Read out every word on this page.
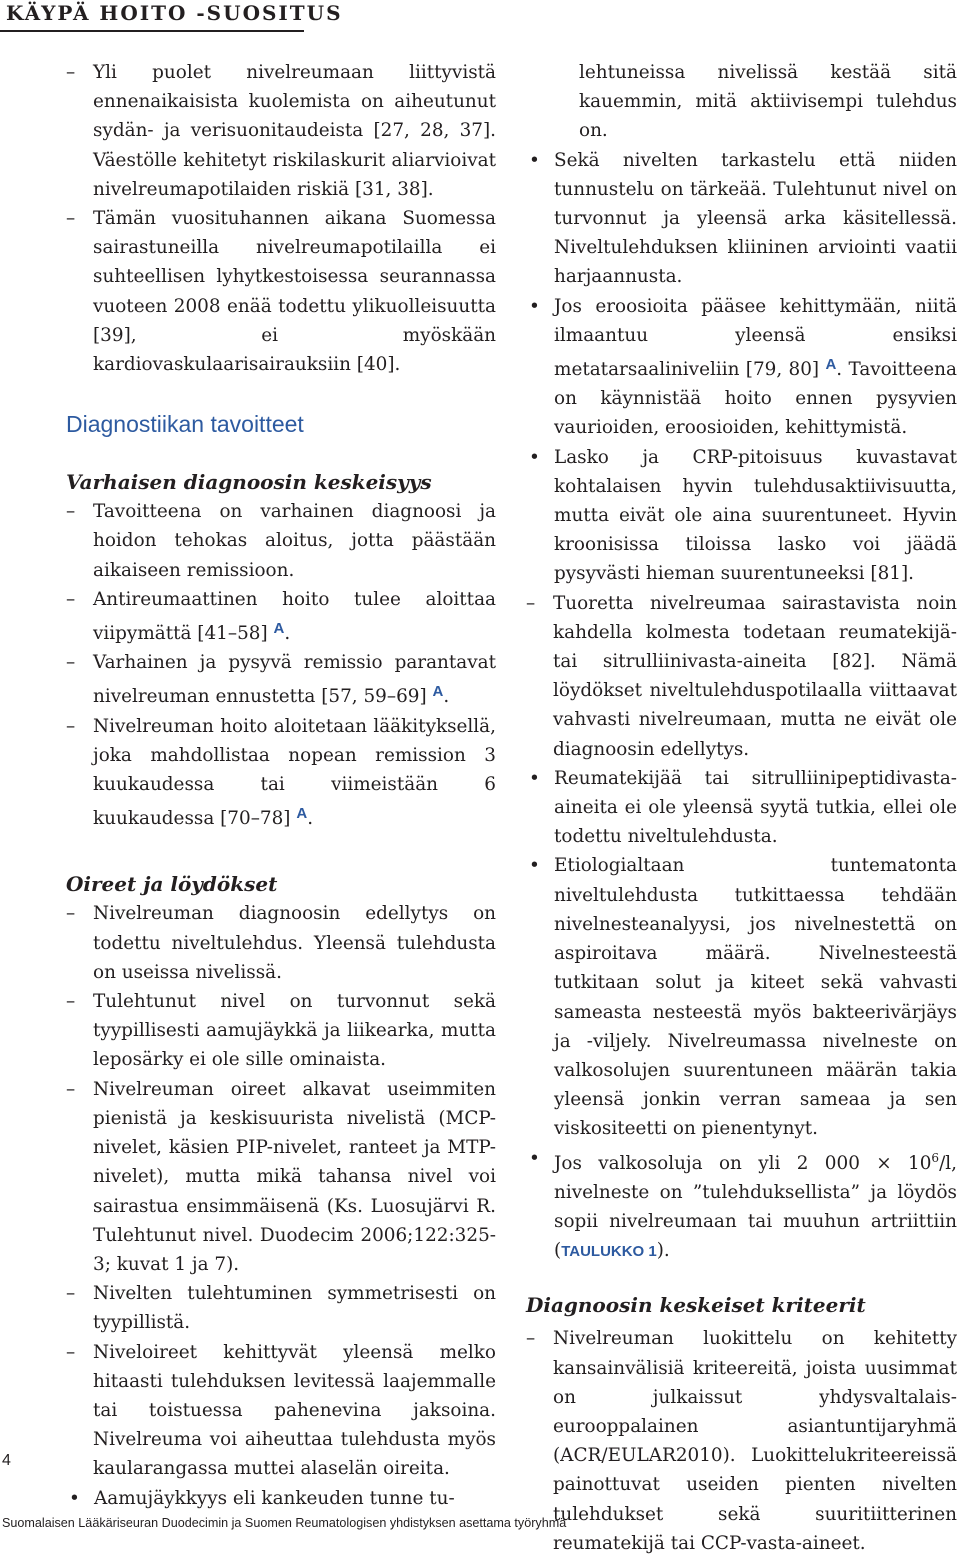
KÄYPÄ HOITO -SUOSITUS

– Yli puolet nivelreumaan liittyvistä ennenaikaisista kuolemista on aiheutunut sydän- ja verisuonitaudeista [27, 28, 37]. Väestölle kehitetyt riskilaskurit aliarvioivat nivelreumapotilaiden riskiä [31, 38].

– Tämän vuosituhannen aikana Suomessa sairastuneilla nivelreumapotilailla ei suhteellisen lyhytkestoisessa seurannassa vuoteen 2008 enää todettu ylikuolleisuutta [39], ei myöskään kardiovaskulaarisairauksiin [40].

Diagnostiikan tavoitteet
Varhaisen diagnoosin keskeisyys

– Tavoitteena on varhainen diagnoosi ja hoidon tehokas aloitus, jotta päästään aikaiseen remissioon.

– Antireumaattinen hoito tulee aloittaa viipymättä [41–58] $^A$.

– Varhainen ja pysyvä remissio parantavat nivelreuman ennustetta [57, 59–69] $^A$.

– Nivelreuman hoito aloitetaan lääkityksellä, joka mahdollistaa nopean remission 3 kuukaudessa tai viimeistään 6 kuukaudessa [70–78] $^A$.

Oireet ja löydökset

– Nivelreuman diagnoosin edellytys on todettu niveltulehdus. Yleensä tulehdusta on useissa nivelissä.

– Tulehtunut nivel on turvonnut sekä tyypillisesti aamujäykkä ja liikearka, mutta leposärky ei ole sille ominaista.

– Nivelreuman oireet alkavat useimmiten pienistä ja keskisuurista nivelistä (MCP-nivelet, käsien PIP-nivelet, ranteet ja MTP-nivelet), mutta mikä tahansa nivel voi sairastua ensimmäisenä (Ks. Luosujärvi R. Tulehtunut nivel. Duodecim 2006;122:325-3; kuvat 1 ja 7).

– Nivelten tulehtuminen symmetrisesti on tyypillistä.

– Niveloireet kehittyvät yleensä melko hitaasti tulehduksen levitessä laajemmalle tai toistuessa pahenevina jaksoina. Nivelreuma voi aiheuttaa tulehdusta myös kaularangassa muttei alaselän oireita.

• Aamujäykkyys eli kankeuden tunne tu-

lehtuneissa nivelissä kestää sitä kauemmin, mitä aktiivisempi tulehdus on.

• Sekä nivelten tarkastelu että niiden tunnustelu on tärkeää. Tulehtunut nivel on turvonnut ja yleensä arka käsitellessä. Niveltulehduksen kliininen arviointi vaatii harjaannusta.

• Jos eroosioita pääsee kehittymään, niitä ilmaantuu yleensä ensiksi metatarsaaliniveliin [79, 80] $^A$. Tavoitteena on käynnistää hoito ennen pysyvien vaurioiden, eroosioiden, kehittymistä.

• Lasko ja CRP-pitoisuus kuvastavat kohtalaisen hyvin tulehdusaktiivisuutta, mutta eivät ole aina suurentuneet. Hyvin kroonisissa tiloissa lasko voi jäädä pysyvästi hieman suurentuneeksi [81].

– Tuoretta nivelreumaa sairastavista noin kahdella kolmesta todetaan reumatekijä- tai sitrulliinivasta-aineita [82]. Nämä löydökset niveltulehduspotilaalla viittaavat vahvasti nivelreumaan, mutta ne eivät ole diagnoosin edellytys.

• Reumatekijää tai sitrulliinipeptidivasta-aineita ei ole yleensä syytä tutkia, ellei ole todettu niveltulehdusta.

• Etiologialtaan tuntematonta niveltulehdusta tutkittaessa tehdään nivelnesteanalyysi, jos nivelnestettä on aspiroitava määrä. Nivelnesteestä tutkitaan solut ja kiteet sekä vahvasti sameasta nesteestä myös bakteerivärjäys ja -viljely. Nivelreumassa nivelneste on valkosolujen suurentuneen määrän takia yleensä jonkin verran sameaa ja sen viskositeetti on pienentynyt.

• Jos valkosoluja on yli 2 $000 \times 10^6/l$, nivelneste on ”tulehduksellista” ja löydös sopii nivelreumaan tai muuhun artriittiin (TAULUKKO 1).

Diagnoosin keskeiset kriteerit

– Nivelreuman luokittelu on kehitetty kansainvälisiä kriteereitä, joista uusimmat on julkaissut yhdysvaltalais-eurooppalainen asiantuntijaryhmä (ACR/EULAR2010). Luokittelukriteereissä painottuvat useiden pienten nivelten tulehdukset sekä suuritiitterinen reumatekijä tai CCP-vasta-aineet.

4
Suomalaisen Lääkäriseuran Duodecimin ja Suomen Reumatologisen yhdistyksen asettama työryhmä
